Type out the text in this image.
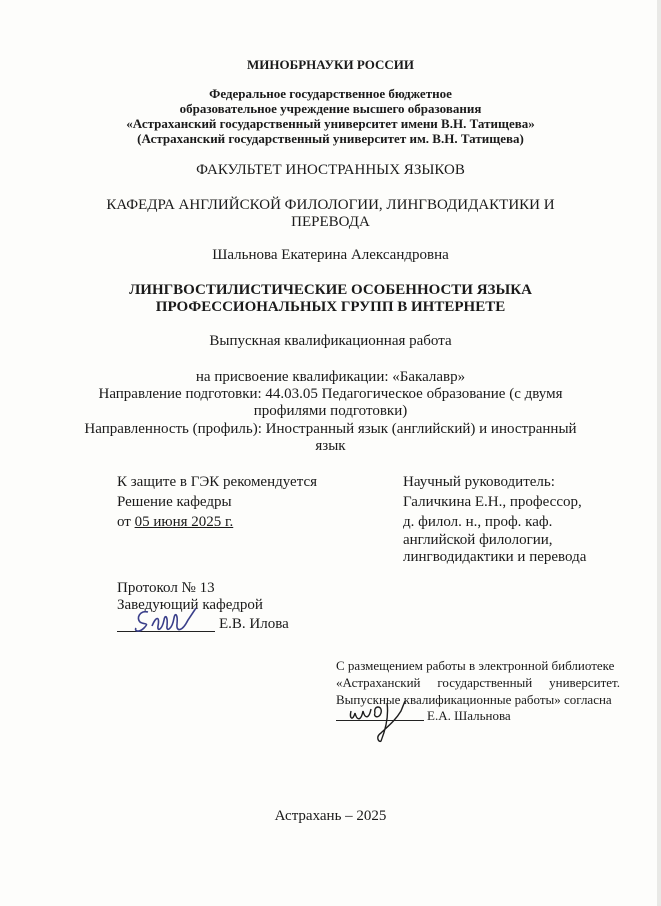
МИНОБРНАУКИ РОССИИ
Федеральное государственное бюджетное
образовательное учреждение высшего образования
«Астраханский государственный университет имени В.Н. Татищева»
(Астраханский государственный университет им. В.Н. Татищева)
ФАКУЛЬТЕТ ИНОСТРАННЫХ ЯЗЫКОВ
КАФЕДРА АНГЛИЙСКОЙ ФИЛОЛОГИИ, ЛИНГВОДИДАКТИКИ И
ПЕРЕВОДА
Шальнова Екатерина Александровна
ЛИНГВОСТИЛИСТИЧЕСКИЕ ОСОБЕННОСТИ ЯЗЫКА
ПРОФЕССИОНАЛЬНЫХ ГРУПП В ИНТЕРНЕТЕ
Выпускная квалификационная работа
на присвоение квалификации: «Бакалавр»
Направление подготовки: 44.03.05 Педагогическое образование (с двумя
профилями подготовки)
Направленность (профиль): Иностранный язык (английский) и иностранный
язык
К защите в ГЭК рекомендуется
Решение кафедры
от 05 июня 2025 г.
Научный руководитель:
Галичкина Е.Н., профессор,
д. филол. н., проф. каф.
английской филологии,
лингводидактики и перевода
Протокол № 13
Заведующий кафедрой
Е.В. Илова
С размещением работы в электронной библиотеке
«Астраханский государственный университет.
Выпускные квалификационные работы» согласна
Е.А. Шальнова
Астрахань – 2025
